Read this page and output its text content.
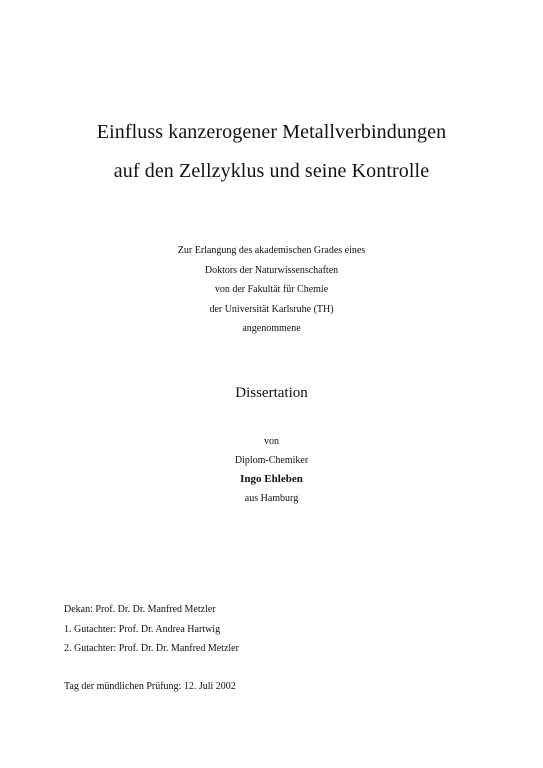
Einfluss kanzerogener Metallverbindungen
auf den Zellzyklus und seine Kontrolle
Zur Erlangung des akademischen Grades eines
Doktors der Naturwissenschaften
von der Fakultät für Chemie
der Universität Karlsruhe (TH)
angenommene
Dissertation
von
Diplom-Chemiker
Ingo Ehleben
aus Hamburg
Dekan: Prof. Dr. Dr. Manfred Metzler
1. Gutachter: Prof. Dr. Andrea Hartwig
2. Gutachter: Prof. Dr. Dr. Manfred Metzler
Tag der mündlichen Prüfung: 12. Juli 2002
